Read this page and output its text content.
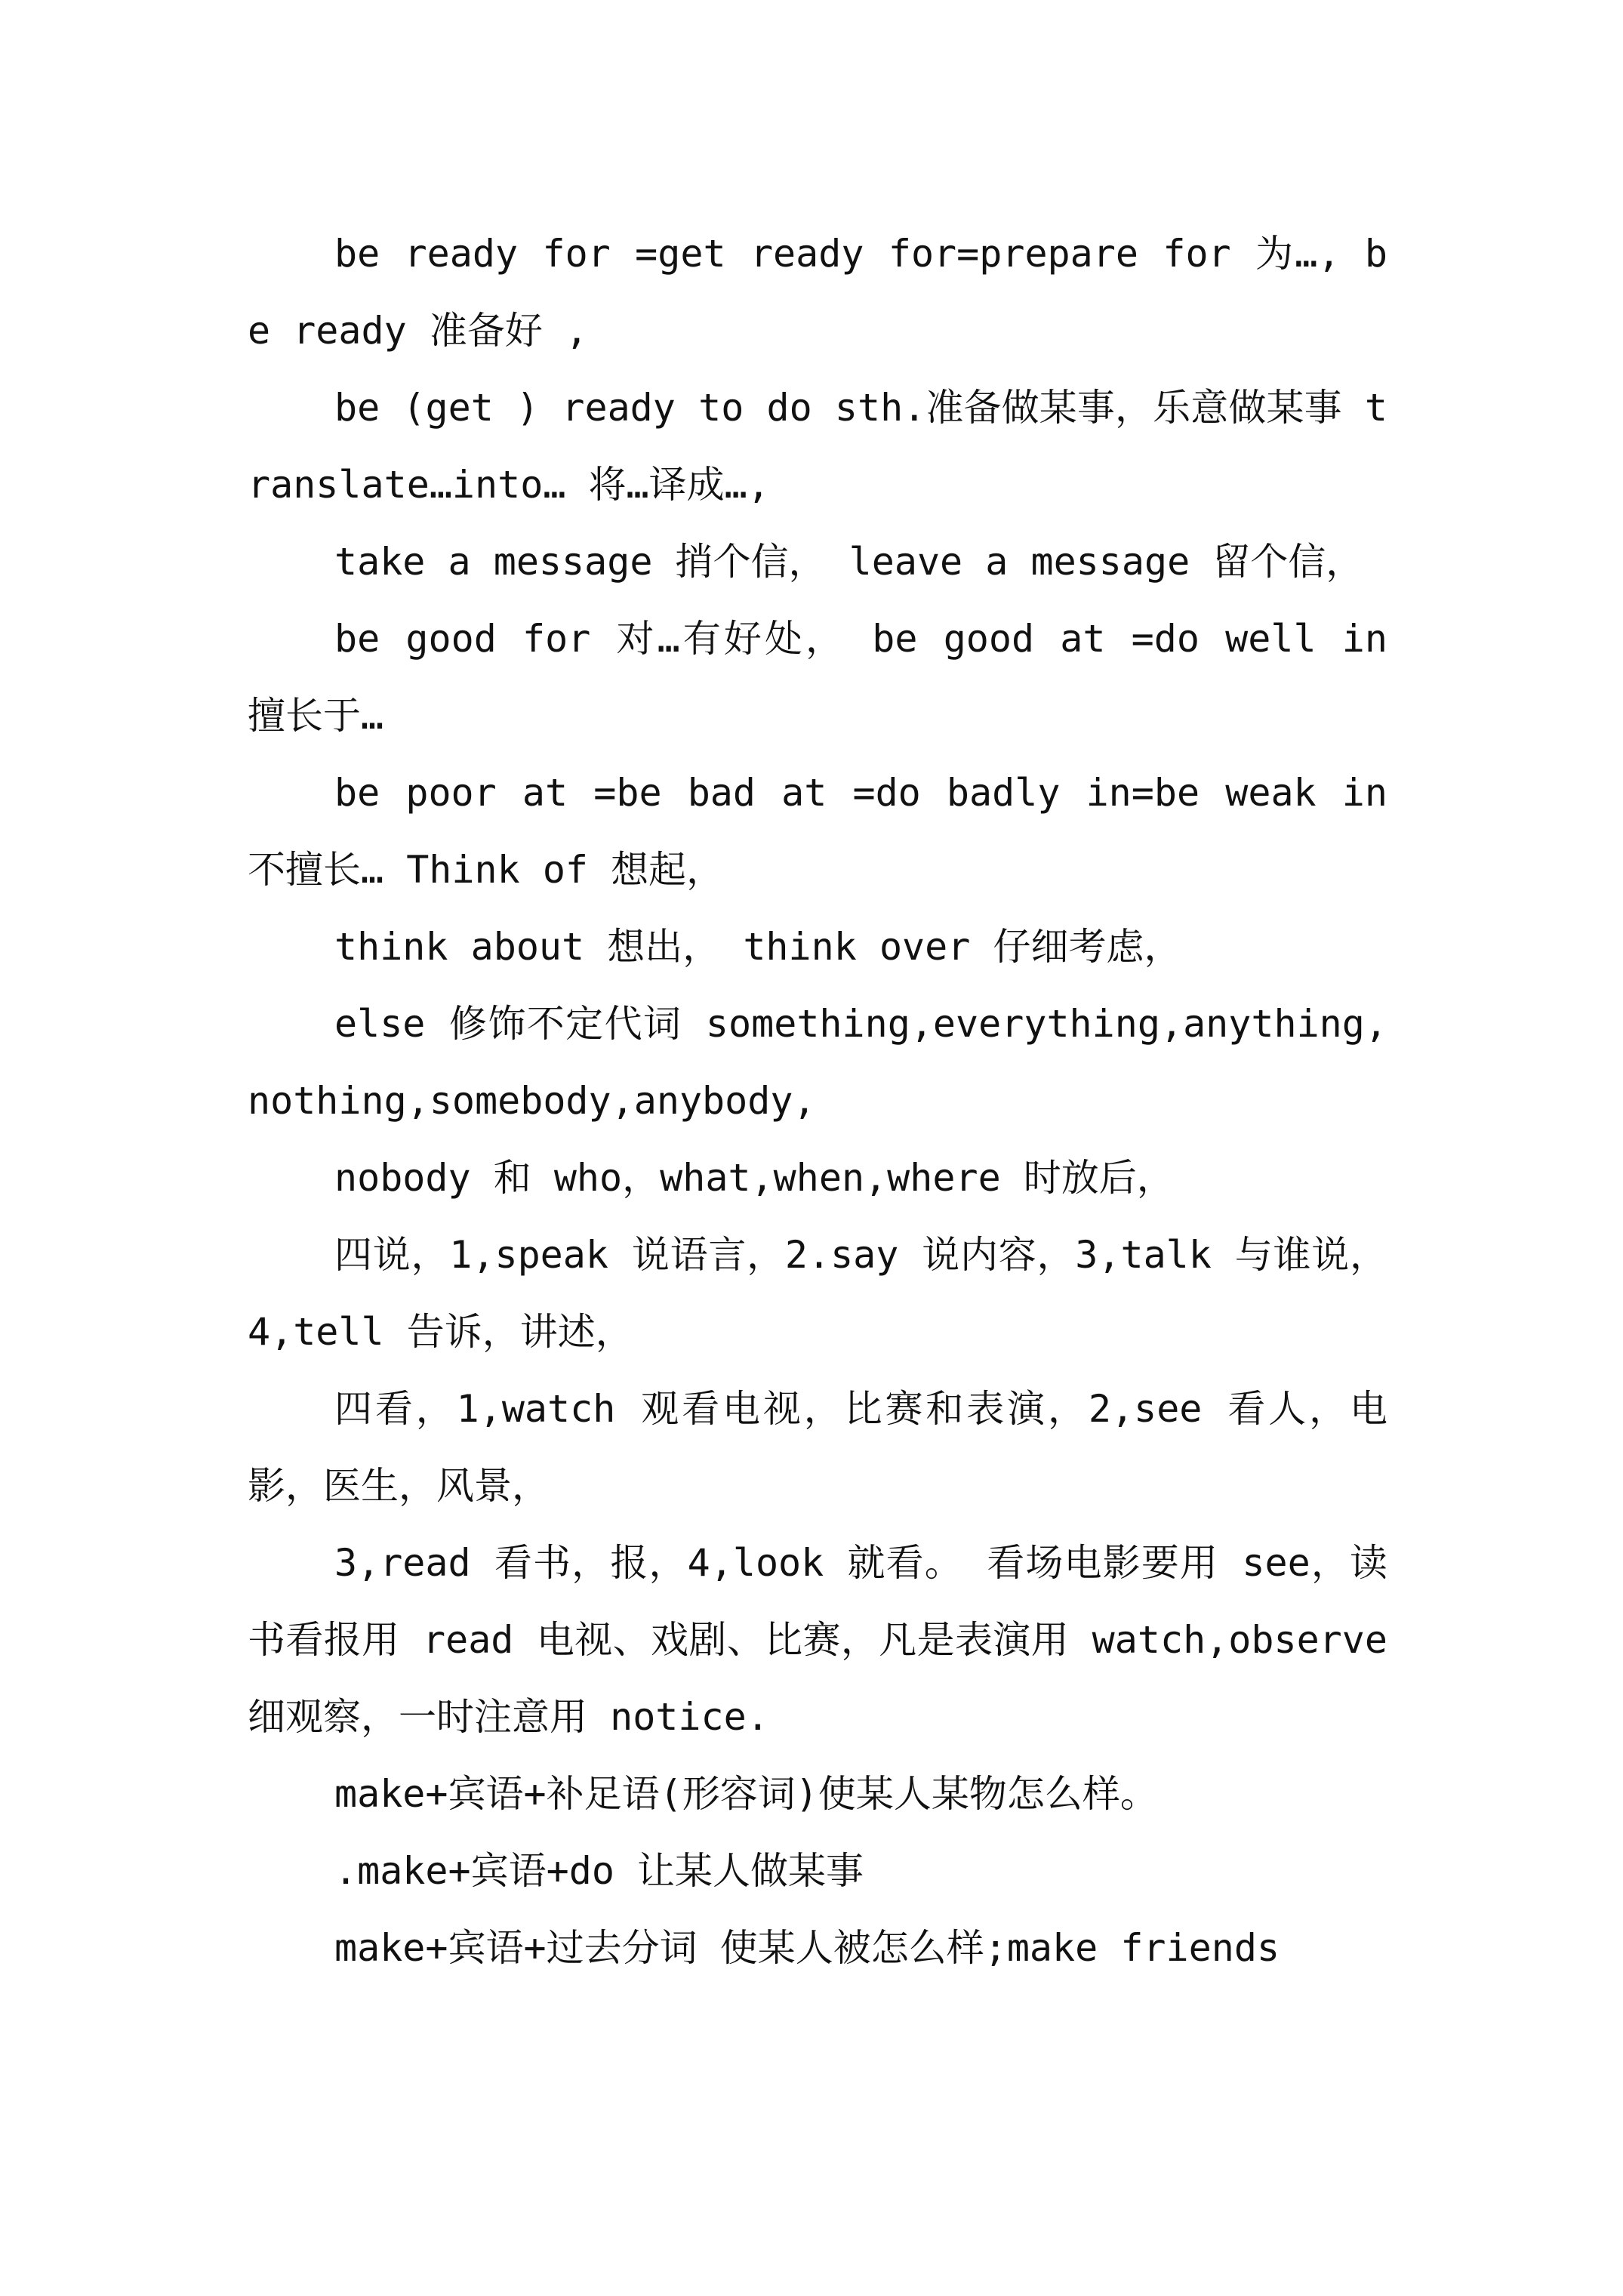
be ready for =get ready for=prepare for 为…, be ready 准备好 ,

be (get ) ready to do sth.准备做某事，乐意做某事 translate…into… 将…译成…,

take a message 捎个信， leave a message 留个信，

be good for 对…有好处， be good at =do well in 擅长于…

be poor at =be bad at =do badly in=be weak in 不擅长… Think of 想起，

think about 想出， think over 仔细考虑，

else 修饰不定代词 something,everything,anything,nothing,somebody,anybody,

nobody 和 who，what,when,where 时放后，

四说，1,speak 说语言，2.say 说内容，3,talk 与谁说，4,tell 告诉，讲述，

四看，1,watch 观看电视，比赛和表演，2,see 看人，电影，医生，风景，

3,read 看书，报，4,look 就看。 看场电影要用 see，读书看报用 read 电视、戏剧、比赛，凡是表演用 watch,observe 细观察，一时注意用 notice.

make+宾语+补足语(形容词)使某人某物怎么样。

.make+宾语+do 让某人做某事

make+宾语+过去分词 使某人被怎么样;make friends
